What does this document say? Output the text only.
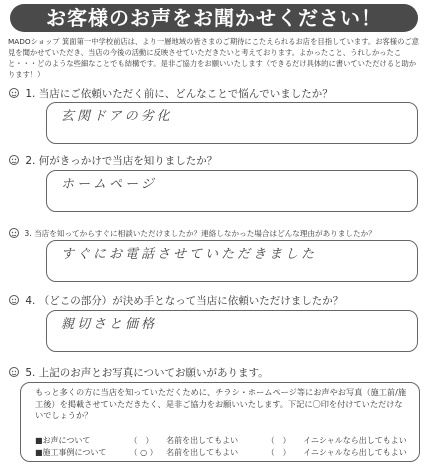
お客様のお声をお聞かせください！
MADOショップ 箕面第一中学校前店は、より一層地域の皆さまのご期待にこたえられるお店を目指しています。お客様のご意見を聞かせていただき、当店の今後の活動に反映させていただきたいと考えております。よかったこと、うれしかったこと・・・どのような些細なことでも結構です。是非ご協力をお願いいたします（できるだけ具体的に書いていただけると助かります！）
1. 当店にご依頼いただく前に、どんなことで悩んでいましたか？
玄関ドアの劣化
2. 何がきっかけで当店を知りましたか？
ホームページ
3. 当店を知ってからすぐに相談いただけましたか？連絡しなかった場合はどんな理由がありましたか？
すぐにお電話させていただきました
4. （どこの部分）が決め手となって当店に依頼いただけましたか？
親切さと価格
5. 上記のお声とお写真についてお願いがあります。
もっと多くの方に当店を知っていただくために、チラシ・ホームページ等にお声やお写真（施工前/施工後）を掲載させていただきたく、是非ご協力をお願いいたします。下記に〇印を付けていただけないでしょうか？
■お声について	（　） 名前を出してもよい	（　） イニシャルなら出してもよい
■施工事例について	（ ○ ） 名前を出してもよい	（　） イニシャルなら出してもよい
